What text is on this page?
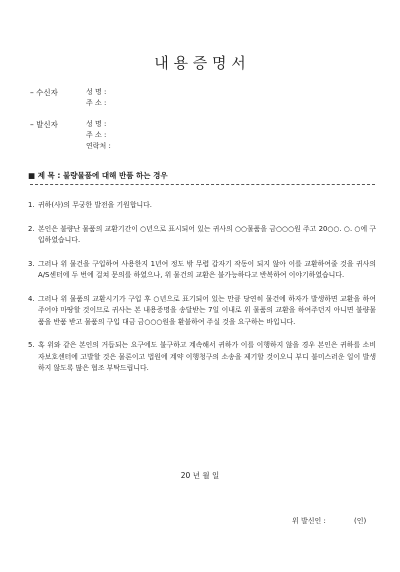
내 용 증 명 서
– 수신자	성 명 :
주 소 :
– 발신자	성 명 :
주 소 :
연락처 :
■ 제 목 : 불량물품에 대해 반품 하는 경우
1. 귀하(사)의 무궁한 발전을 기원합니다.
2. 본인은 불량난 물품의 교환기간이 ○년으로 표시되어 있는 귀사의 ○○물품을 금○○○원 주고 20○○. ○. ○에 구입하였습니다.
3. 그러나 위 물건을 구입하여 사용한지 1년여 정도 밖 무렵 갑자기 작동이 되지 않아 이를 교환하여줄 것을 귀사의 A/S센터에 두 번에 걸쳐 문의를 하였으나, 위 물건의 교환은 불가능하다고 반복하여 이야기하였습니다.
4. 그러나 위 물품의 교환시기가 구입 후 ○년으로 표기되어 있는 만큼 당연히 물건에 하자가 발생하면 교환을 하여주어야 마땅할 것이므로 귀사는 본 내용증명을 송달받는 7일 이내로 위 물품의 교환을 하여주던지 아니면 불량물품을 반품 받고 물품의 구입 대금 금○○○원을 환불하여 주실 것을 요구하는 바입니다.
5. 혹 위와 같은 본인의 거듭되는 요구에도 불구하고 계속해서 귀하가 이를 이행하지 않을 경우 본인은 귀하를 소비자보호센터에 고발할 것은 물론이고 법원에 계약 이행청구의 소송을 제기할 것이오니 부디 불미스러운 일이 발생하지 않도록 많은 협조 부탁드립니다.
20 년 월 일
위 발신인 :	(인)
